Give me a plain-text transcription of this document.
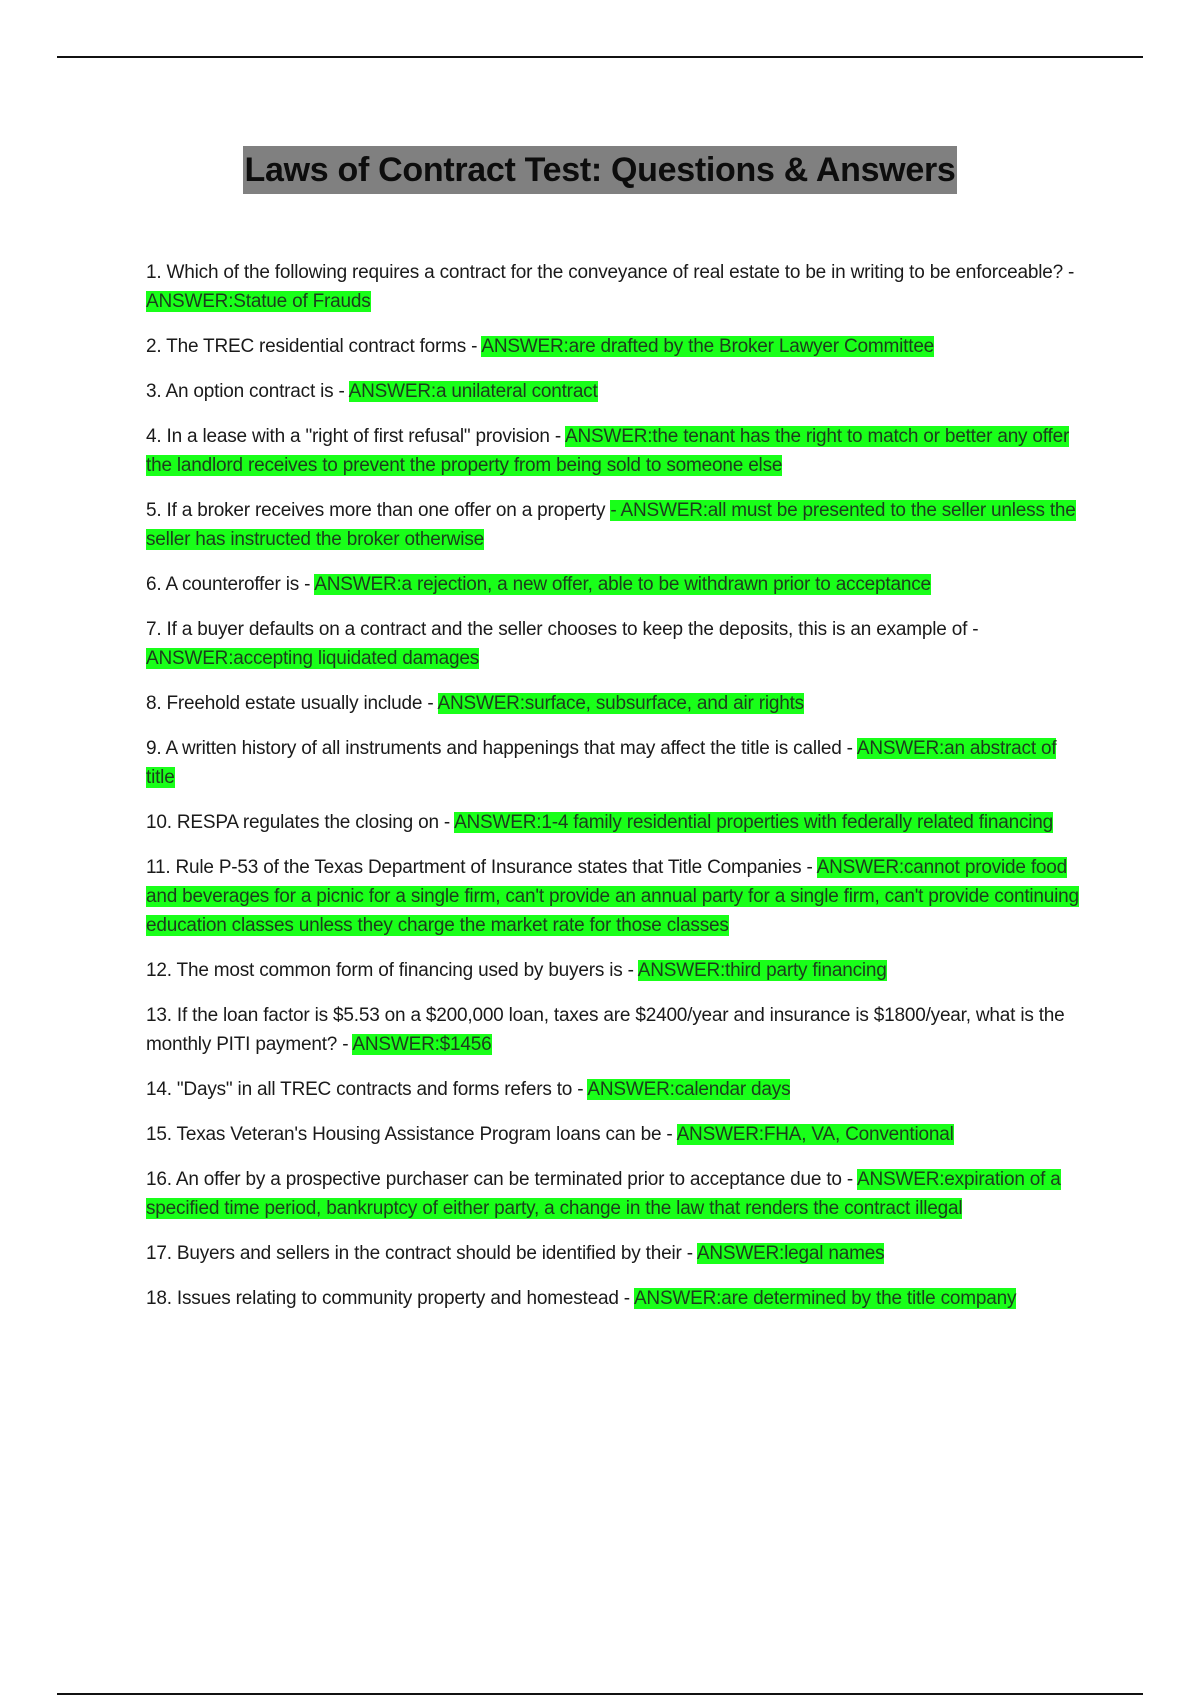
Laws of Contract Test: Questions & Answers
1. Which of the following requires a contract for the conveyance of real estate to be in writing to be enforceable? - ANSWER:Statue of Frauds
2. The TREC residential contract forms - ANSWER:are drafted by the Broker Lawyer Committee
3. An option contract is - ANSWER:a unilateral contract
4. In a lease with a "right of first refusal" provision - ANSWER:the tenant has the right to match or better any offer the landlord receives to prevent the property from being sold to someone else
5. If a broker receives more than one offer on a property - ANSWER:all must be presented to the seller unless the seller has instructed the broker otherwise
6. A counteroffer is - ANSWER:a rejection, a new offer, able to be withdrawn prior to acceptance
7. If a buyer defaults on a contract and the seller chooses to keep the deposits, this is an example of - ANSWER:accepting liquidated damages
8. Freehold estate usually include - ANSWER:surface, subsurface, and air rights
9. A written history of all instruments and happenings that may affect the title is called - ANSWER:an abstract of title
10. RESPA regulates the closing on - ANSWER:1-4 family residential properties with federally related financing
11. Rule P-53 of the Texas Department of Insurance states that Title Companies - ANSWER:cannot provide food and beverages for a picnic for a single firm, can't provide an annual party for a single firm, can't provide continuing education classes unless they charge the market rate for those classes
12. The most common form of financing used by buyers is - ANSWER:third party financing
13. If the loan factor is $5.53 on a $200,000 loan, taxes are $2400/year and insurance is $1800/year, what is the monthly PITI payment? - ANSWER:$1456
14. "Days" in all TREC contracts and forms refers to - ANSWER:calendar days
15. Texas Veteran's Housing Assistance Program loans can be - ANSWER:FHA, VA, Conventional
16. An offer by a prospective purchaser can be terminated prior to acceptance due to - ANSWER:expiration of a specified time period, bankruptcy of either party, a change in the law that renders the contract illegal
17. Buyers and sellers in the contract should be identified by their - ANSWER:legal names
18. Issues relating to community property and homestead - ANSWER:are determined by the title company
